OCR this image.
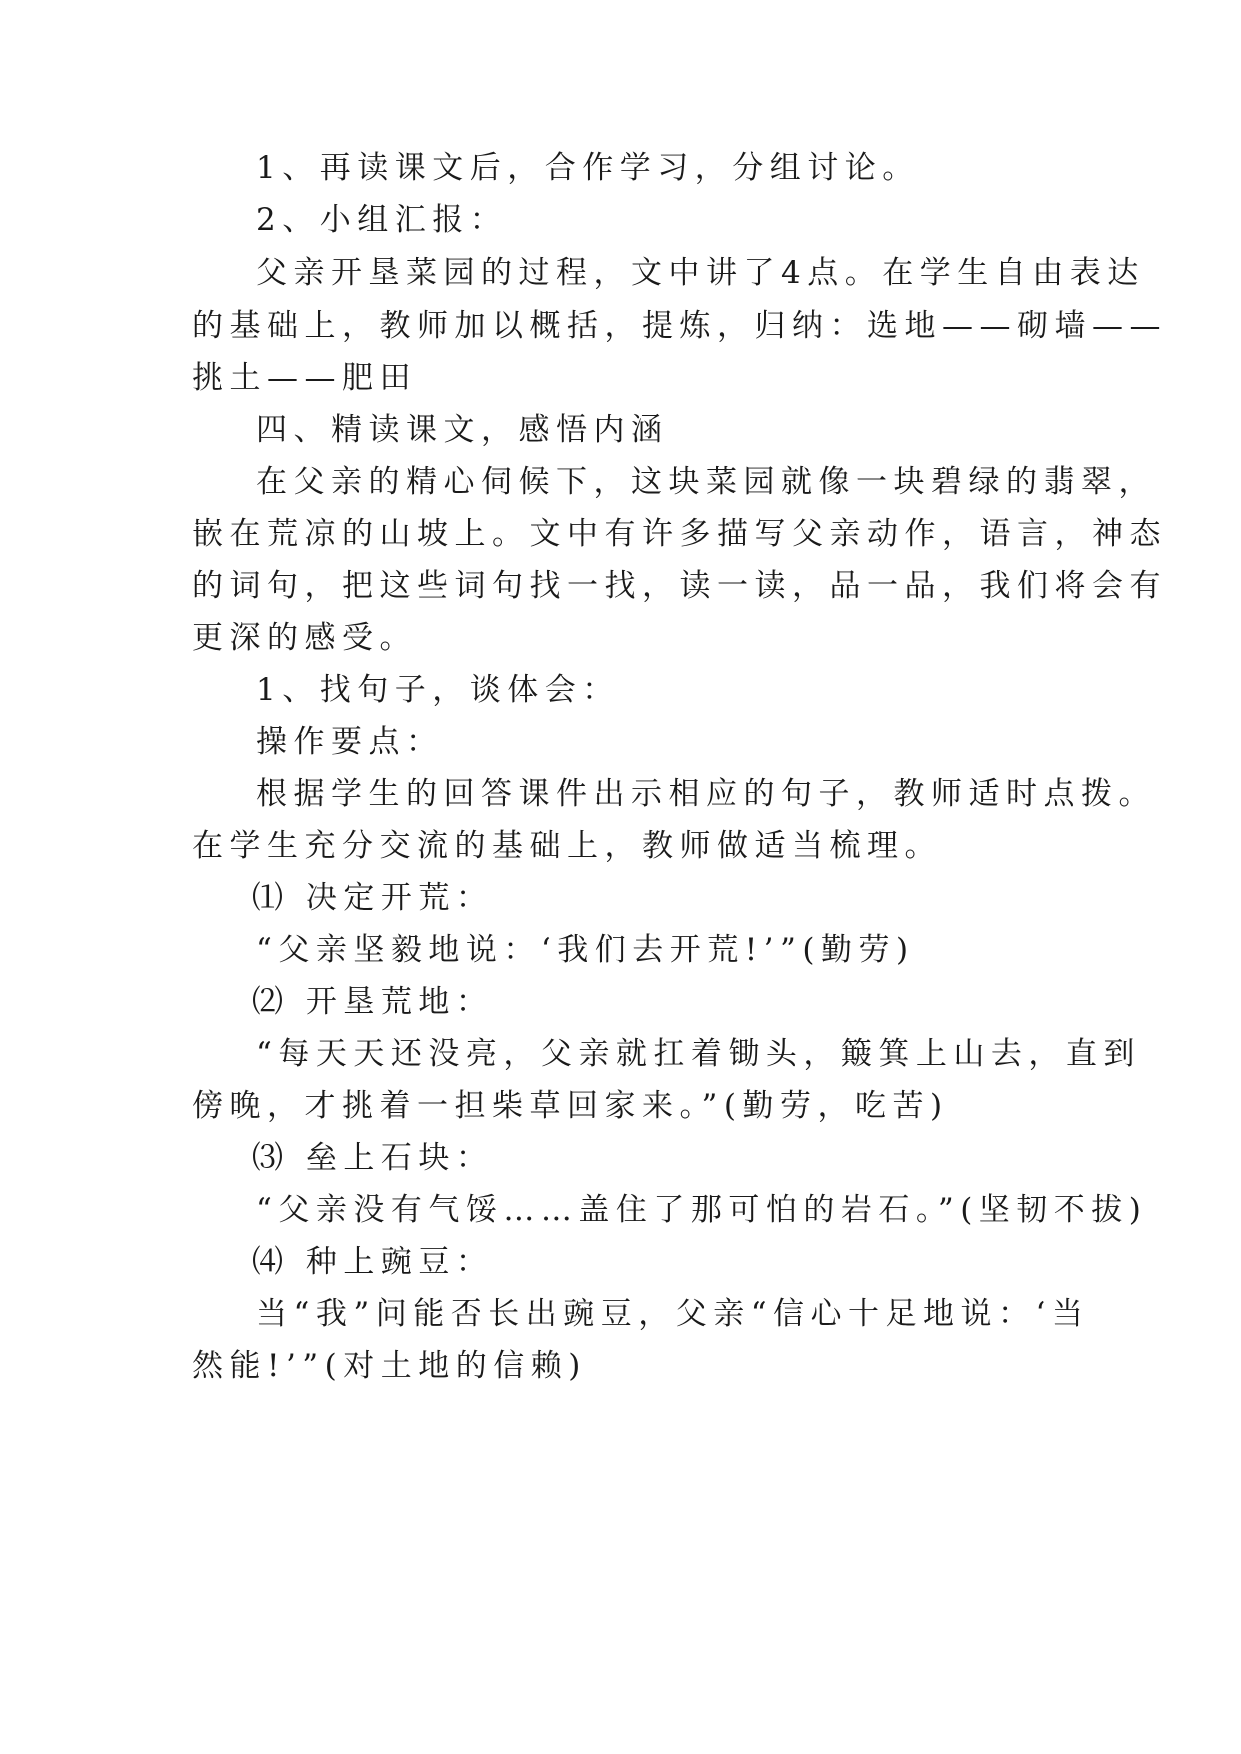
1、再读课文后，合作学习，分组讨论。
2、小组汇报：
父亲开垦菜园的过程，文中讲了4点。在学生自由表达
的基础上，教师加以概括，提炼，归纳：选地——砌墙——
挑土——肥田
四、精读课文，感悟内涵
在父亲的精心伺候下，这块菜园就像一块碧绿的翡翠，
嵌在荒凉的山坡上。文中有许多描写父亲动作，语言，神态
的词句，把这些词句找一找，读一读，品一品，我们将会有
更深的感受。
1、找句子，谈体会：
操作要点：
根据学生的回答课件出示相应的句子，教师适时点拨。
在学生充分交流的基础上，教师做适当梳理。
⑴ 决定开荒：
“父亲坚毅地说：‘我们去开荒!’”(勤劳)
⑵ 开垦荒地：
“每天天还没亮，父亲就扛着锄头，簸箕上山去，直到
傍晚，才挑着一担柴草回家来。”(勤劳，吃苦)
⑶ 垒上石块：
“父亲没有气馁……盖住了那可怕的岩石。”(坚韧不拔)
⑷ 种上豌豆：
当“我”问能否长出豌豆，父亲“信心十足地说：‘当
然能!’”(对土地的信赖)
